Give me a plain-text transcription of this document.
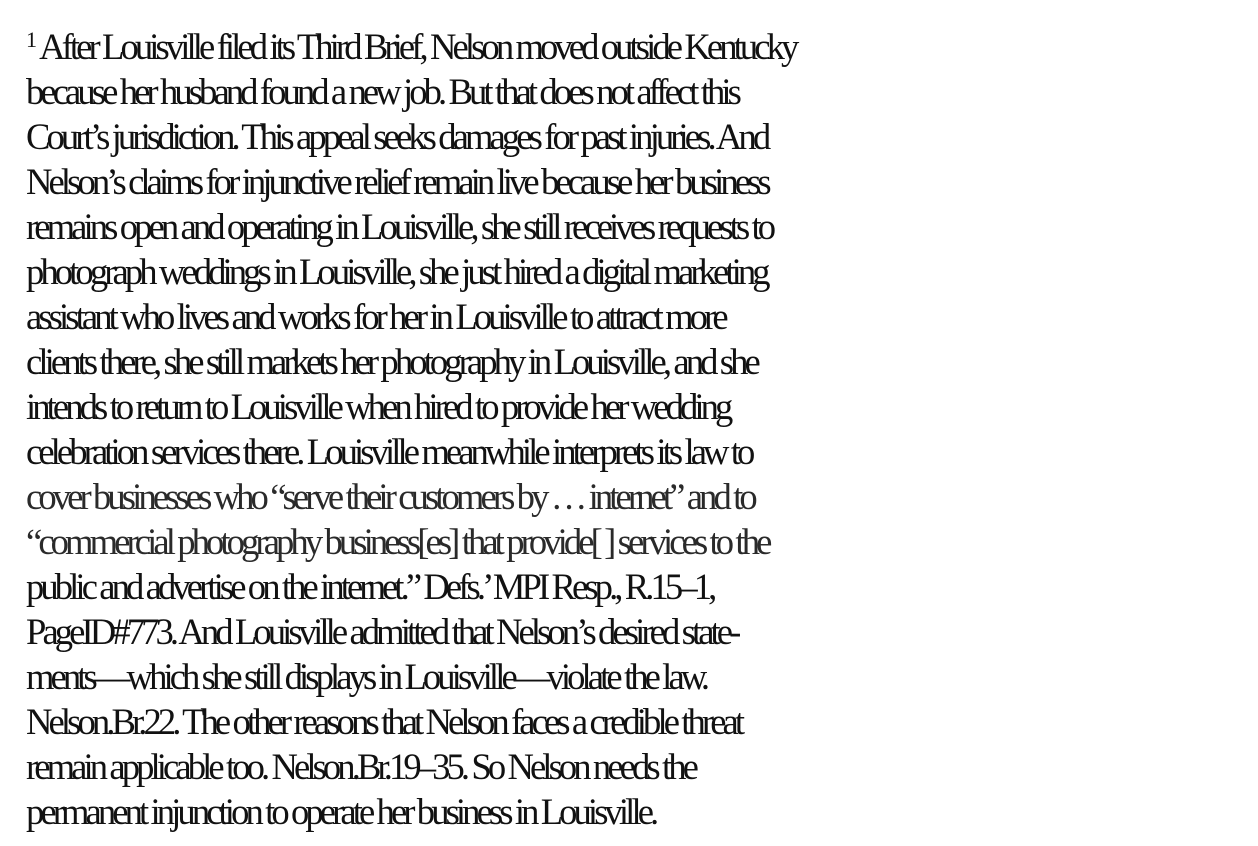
$^1$ After Louisville filed its Third Brief, Nelson moved outside Kentucky
because her husband found a new job. But that does not affect this
Court’s jurisdiction. This appeal seeks damages for past injuries. And
Nelson’s claims for injunctive relief remain live because her business
remains open and operating in Louisville, she still receives requests to
photograph weddings in Louisville, she just hired a digital marketing
assistant who lives and works for her in Louisville to attract more
clients there, she still markets her photography in Louisville, and she
intends to return to Louisville when hired to provide her wedding
celebration services there. Louisville meanwhile interprets its law to
cover businesses who “serve their customers by … internet” and to
“commercial photography business[es] that provide[ ] services to the
public and advertise on the internet.” Defs.’ MPI Resp., R.15–1,
PageID#773. And Louisville admitted that Nelson’s desired state-
ments—which she still displays in Louisville—violate the law.
Nelson.Br.22. The other reasons that Nelson faces a credible threat
remain applicable too. Nelson.Br.19–35. So Nelson needs the
permanent injunction to operate her business in Louisville.
